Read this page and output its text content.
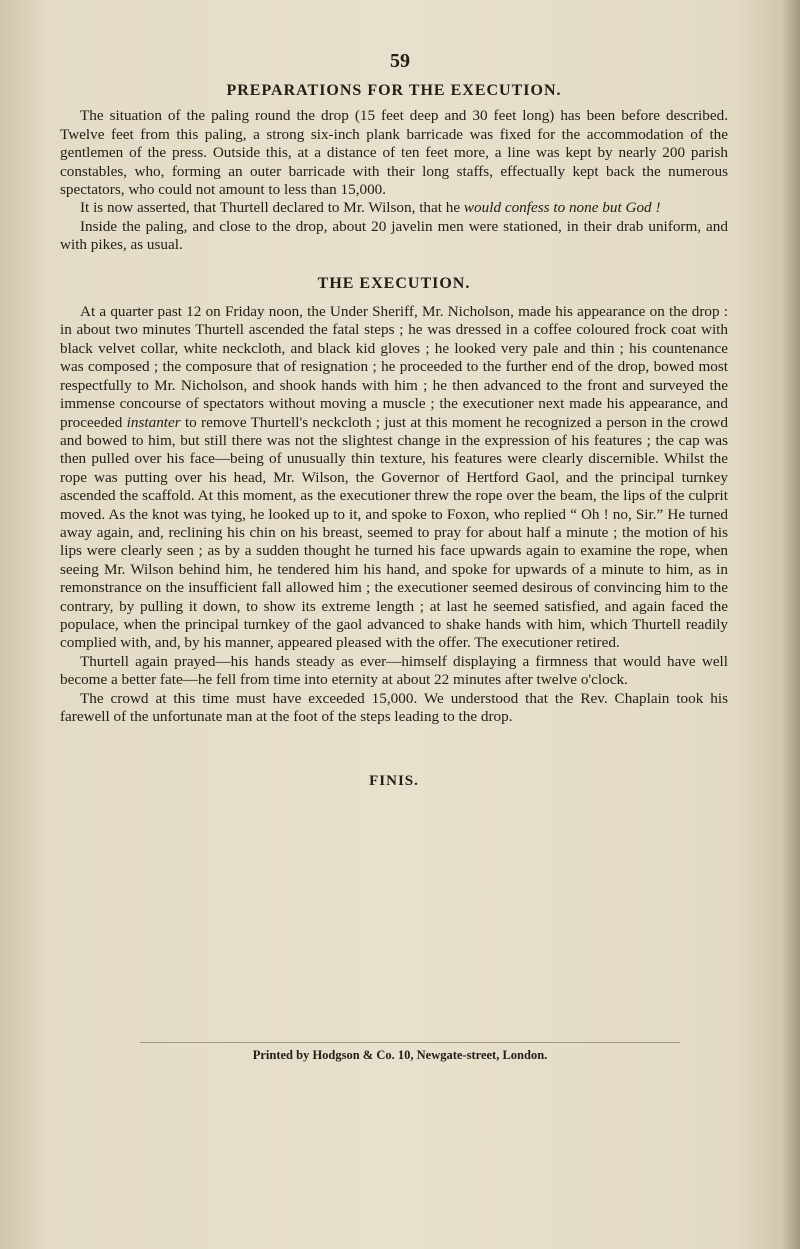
59
PREPARATIONS FOR THE EXECUTION.

The situation of the paling round the drop (15 feet deep and 30 feet long) has been before described. Twelve feet from this paling, a strong six-inch plank barricade was fixed for the accommodation of the gentlemen of the press. Outside this, at a distance of ten feet more, a line was kept by nearly 200 parish constables, who, forming an outer barricade with their long staffs, effectually kept back the numerous spectators, who could not amount to less than 15,000.

It is now asserted, that Thurtell declared to Mr. Wilson, that he would confess to none but God !

Inside the paling, and close to the drop, about 20 javelin men were stationed, in their drab uniform, and with pikes, as usual.

THE EXECUTION.

At a quarter past 12 on Friday noon, the Under Sheriff, Mr. Nicholson, made his appearance on the drop : in about two minutes Thurtell ascended the fatal steps ; he was dressed in a coffee coloured frock coat with black velvet collar, white neckcloth, and black kid gloves ; he looked very pale and thin ; his countenance was composed ; the composure that of resignation ; he proceeded to the further end of the drop, bowed most respectfully to Mr. Nicholson, and shook hands with him ; he then advanced to the front and surveyed the immense concourse of spectators without moving a muscle ; the executioner next made his appearance, and proceeded instanter to remove Thurtell's neckcloth ; just at this moment he recognized a person in the crowd and bowed to him, but still there was not the slightest change in the expression of his features ; the cap was then pulled over his face—being of unusually thin texture, his features were clearly discernible. Whilst the rope was putting over his head, Mr. Wilson, the Governor of Hertford Gaol, and the principal turnkey ascended the scaffold. At this moment, as the executioner threw the rope over the beam, the lips of the culprit moved. As the knot was tying, he looked up to it, and spoke to Foxon, who replied “ Oh ! no, Sir.” He turned away again, and, reclining his chin on his breast, seemed to pray for about half a minute ; the motion of his lips were clearly seen ; as by a sudden thought he turned his face upwards again to examine the rope, when seeing Mr. Wilson behind him, he tendered him his hand, and spoke for upwards of a minute to him, as in remonstrance on the insufficient fall allowed him ; the executioner seemed desirous of convincing him to the contrary, by pulling it down, to show its extreme length ; at last he seemed satisfied, and again faced the populace, when the principal turnkey of the gaol advanced to shake hands with him, which Thurtell readily complied with, and, by his manner, appeared pleased with the offer. The executioner retired.

Thurtell again prayed—his hands steady as ever—himself displaying a firmness that would have well become a better fate—he fell from time into eternity at about 22 minutes after twelve o'clock.

The crowd at this time must have exceeded 15,000. We understood that the Rev. Chaplain took his farewell of the unfortunate man at the foot of the steps leading to the drop.

FINIS.
Printed by Hodgson & Co. 10, Newgate-street, London.
